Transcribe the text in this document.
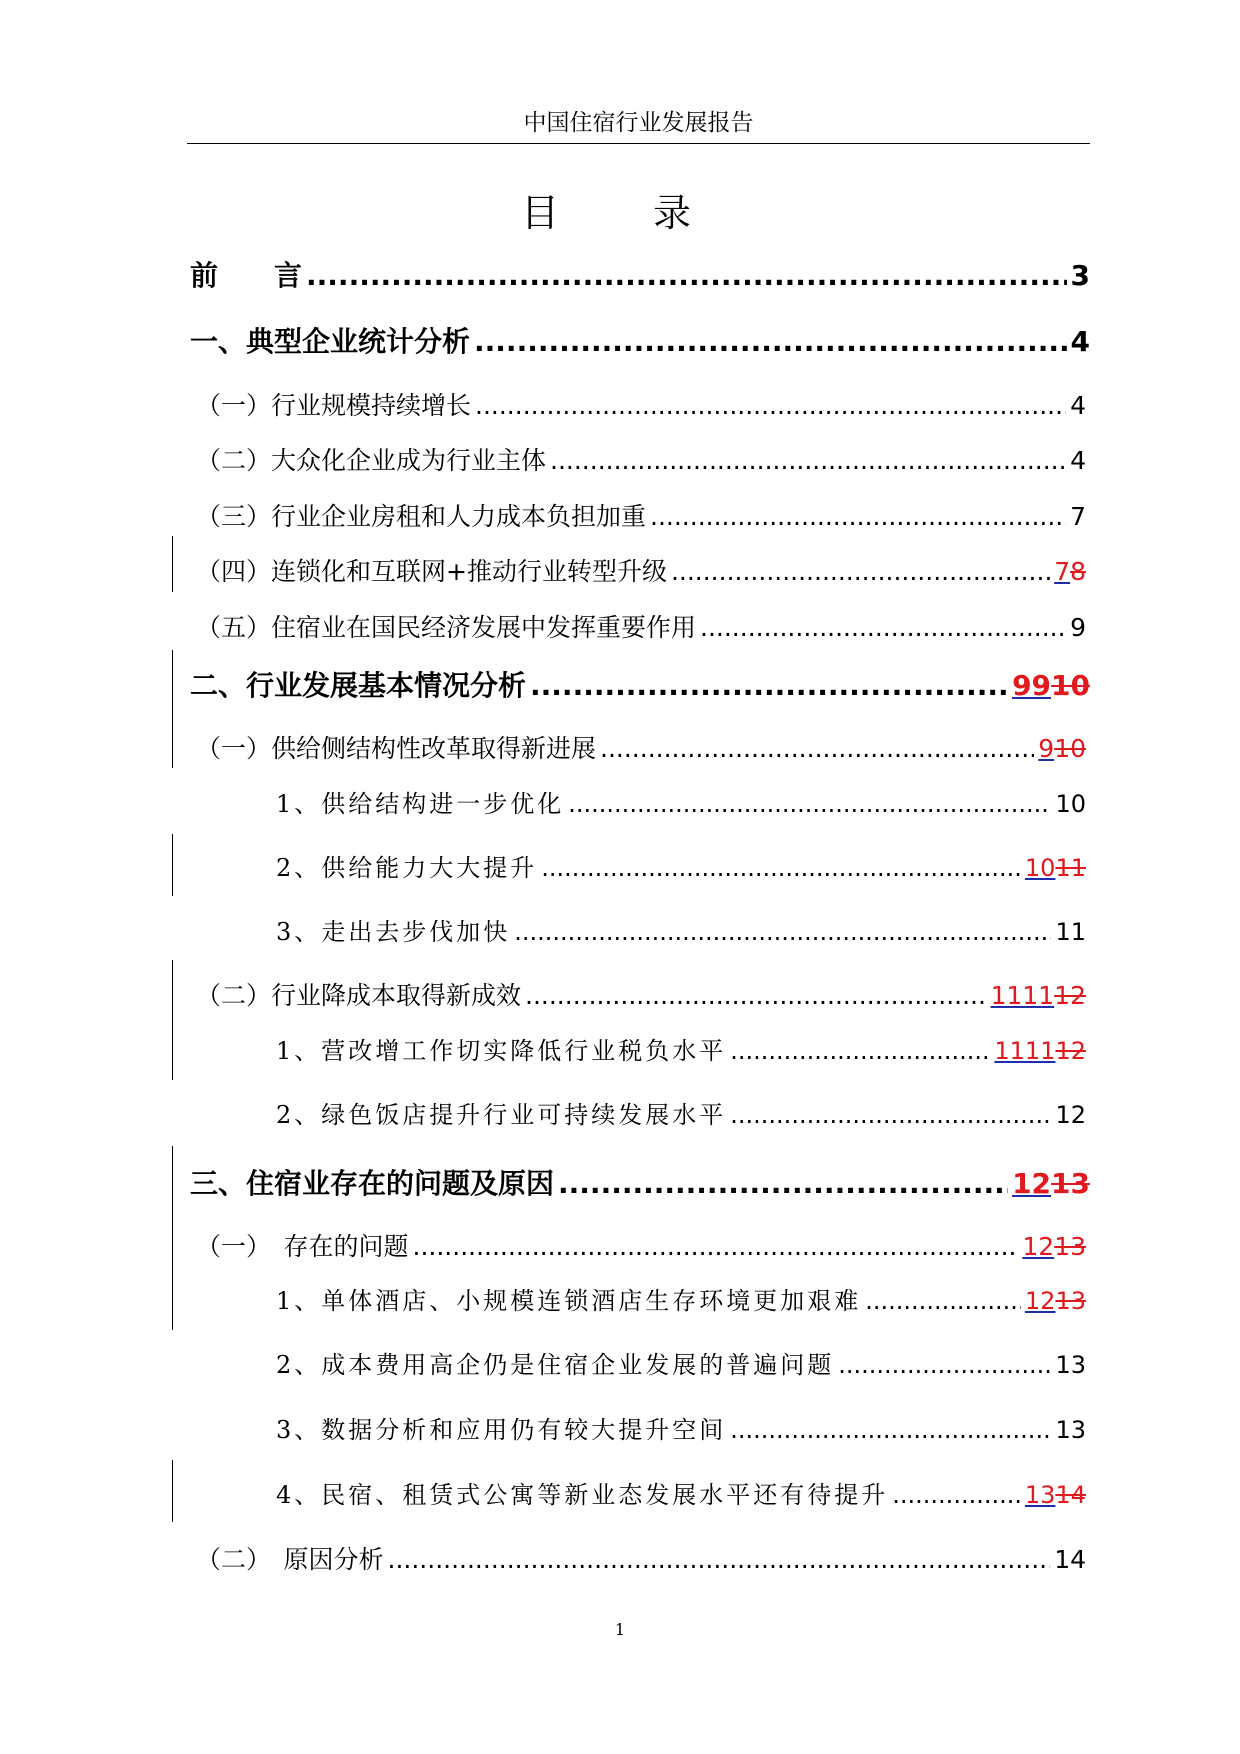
中国住宿行业发展报告
目　录
前　　言 .....	3
一、典型企业统计分析 .....	4
（一）行业规模持续增长 .....	4
（二）大众化企业成为行业主体 .....	4
（三）行业企业房租和人力成本负担加重 .....	7
（四）连锁化和互联网+推动行业转型升级 .....	78
（五）住宿业在国民经济发展中发挥重要作用 .....	9
二、行业发展基本情况分析 .....	9910
（一）供给侧结构性改革取得新进展 .....	910
1、供给结构进一步优化 .....	10
2、供给能力大大提升 .....	1011
3、走出去步伐加快 .....	11
（二）行业降成本取得新成效 .....	111112
1、营改增工作切实降低行业税负水平 .....	111112
2、绿色饭店提升行业可持续发展水平 .....	12
三、住宿业存在的问题及原因 .....	1213
（一）　存在的问题 .....	1213
1、单体酒店、小规模连锁酒店生存环境更加艰难 .....	1213
2、成本费用高企仍是住宿企业发展的普遍问题 .....	13
3、数据分析和应用仍有较大提升空间 .....	13
4、民宿、租赁式公寓等新业态发展水平还有待提升 .....	1314
（二）　原因分析 .....	14
1
